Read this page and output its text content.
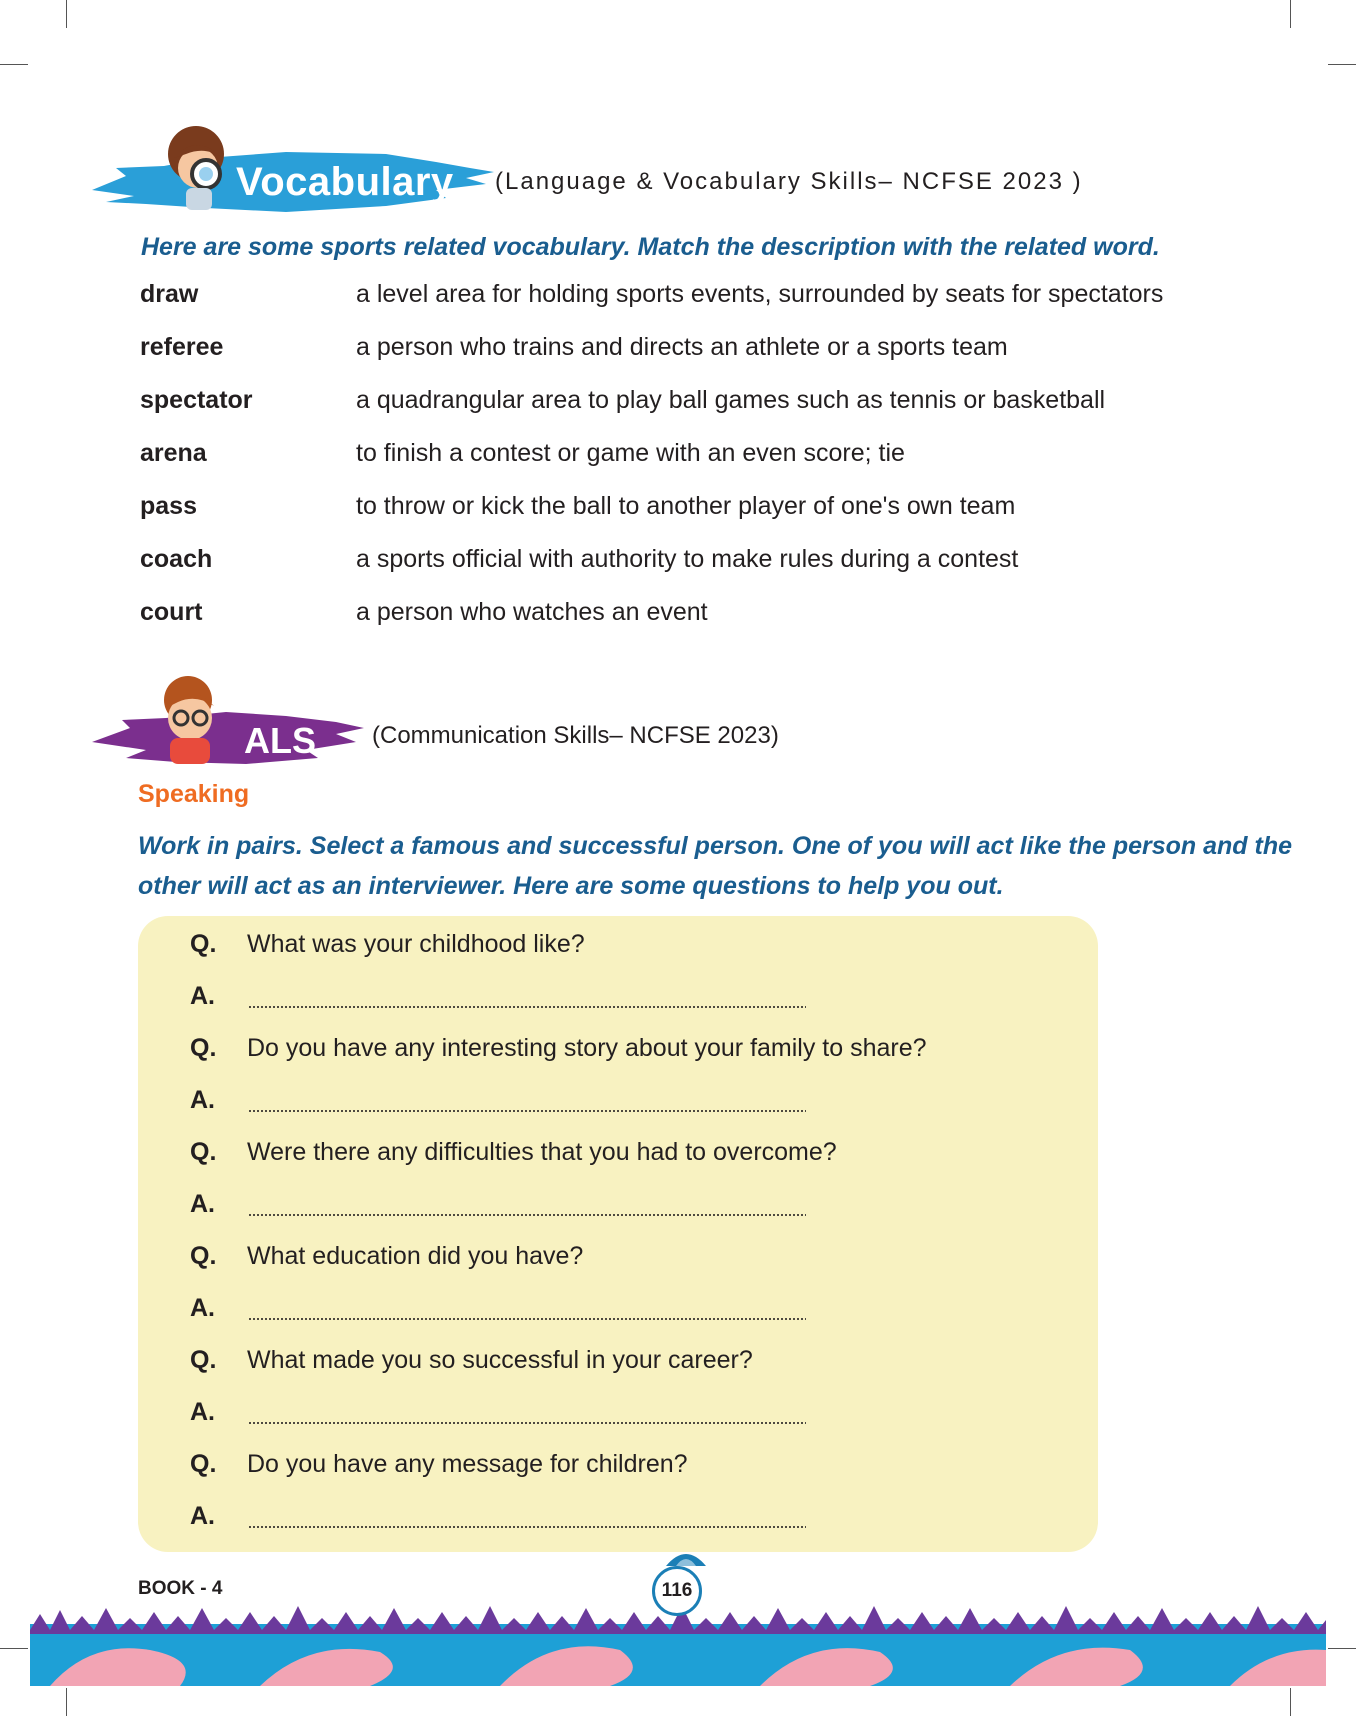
Vocabulary (Language & Vocabulary Skills– NCFSE 2023 )
Here are some sports related vocabulary. Match the description with the related word.
draw	a level area for holding sports events, surrounded by seats for spectators
referee	a person who trains and directs an athlete or a sports team
spectator	a quadrangular area to play ball games such as tennis or basketball
arena	to finish a contest or game with an even score; tie
pass	to throw or kick the ball to another player of one's own team
coach	a sports official with authority to make rules during a contest
court	a person who watches an event
ALS (Communication Skills– NCFSE 2023)
Speaking
Work in pairs. Select a famous and successful person. One of you will act like the person and the
other will act as an interviewer. Here are some questions to help you out.
Q. What was your childhood like?
A.
Q. Do you have any interesting story about your family to share?
A.
Q. Were there any difficulties that you had to overcome?
A.
Q. What education did you have?
A.
Q. What made you so successful in your career?
A.
Q. Do you have any message for children?
A.
BOOK - 4	116
